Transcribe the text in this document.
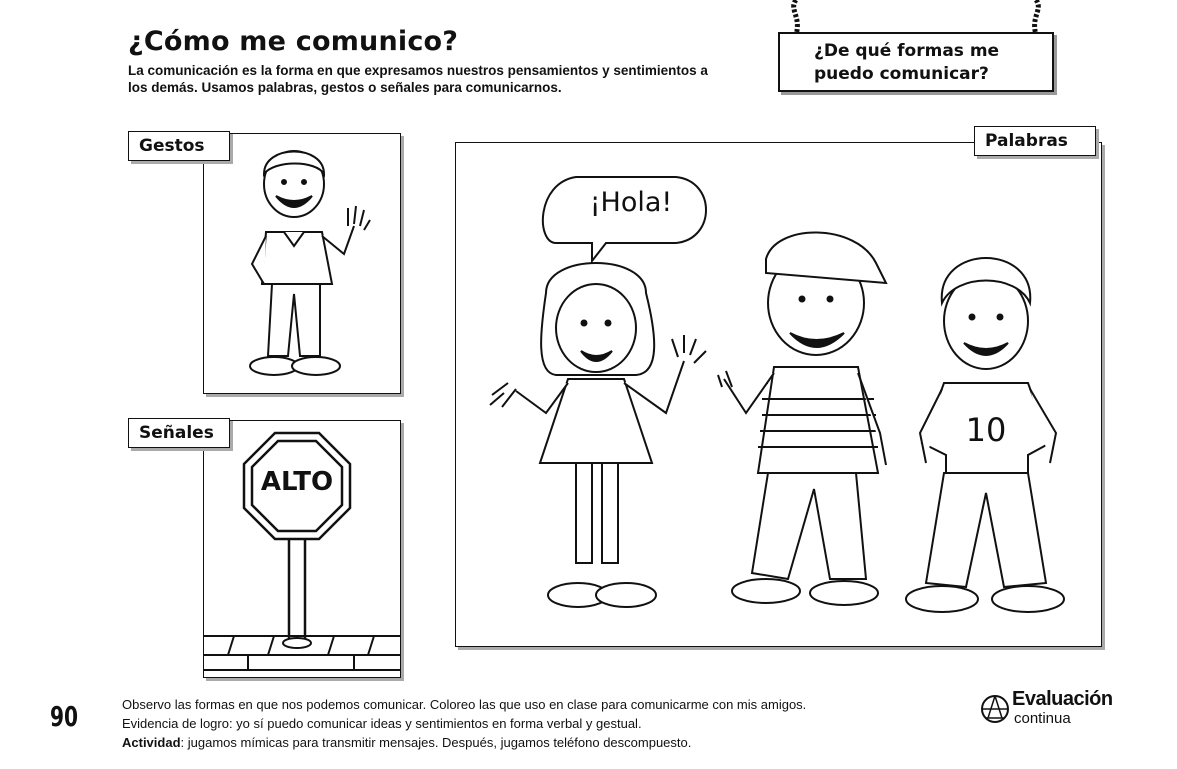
¿Cómo me comunico?
La comunicación es la forma en que expresamos nuestros pensamientos y sentimientos a los demás. Usamos palabras, gestos o señales para comunicarnos.
¿De qué formas me
puedo comunicar?
Gestos
ALTO
Señales
¡Hola!
10
Palabras
90	Observo las formas en que nos podemos comunicar. Coloreo las que uso en clase para comunicarme con mis amigos.
Evidencia de logro: yo sí puedo comunicar ideas y sentimientos en forma verbal y gestual.
Actividad: jugamos mímicas para transmitir mensajes. Después, jugamos teléfono descompuesto.
Evaluación
continua
